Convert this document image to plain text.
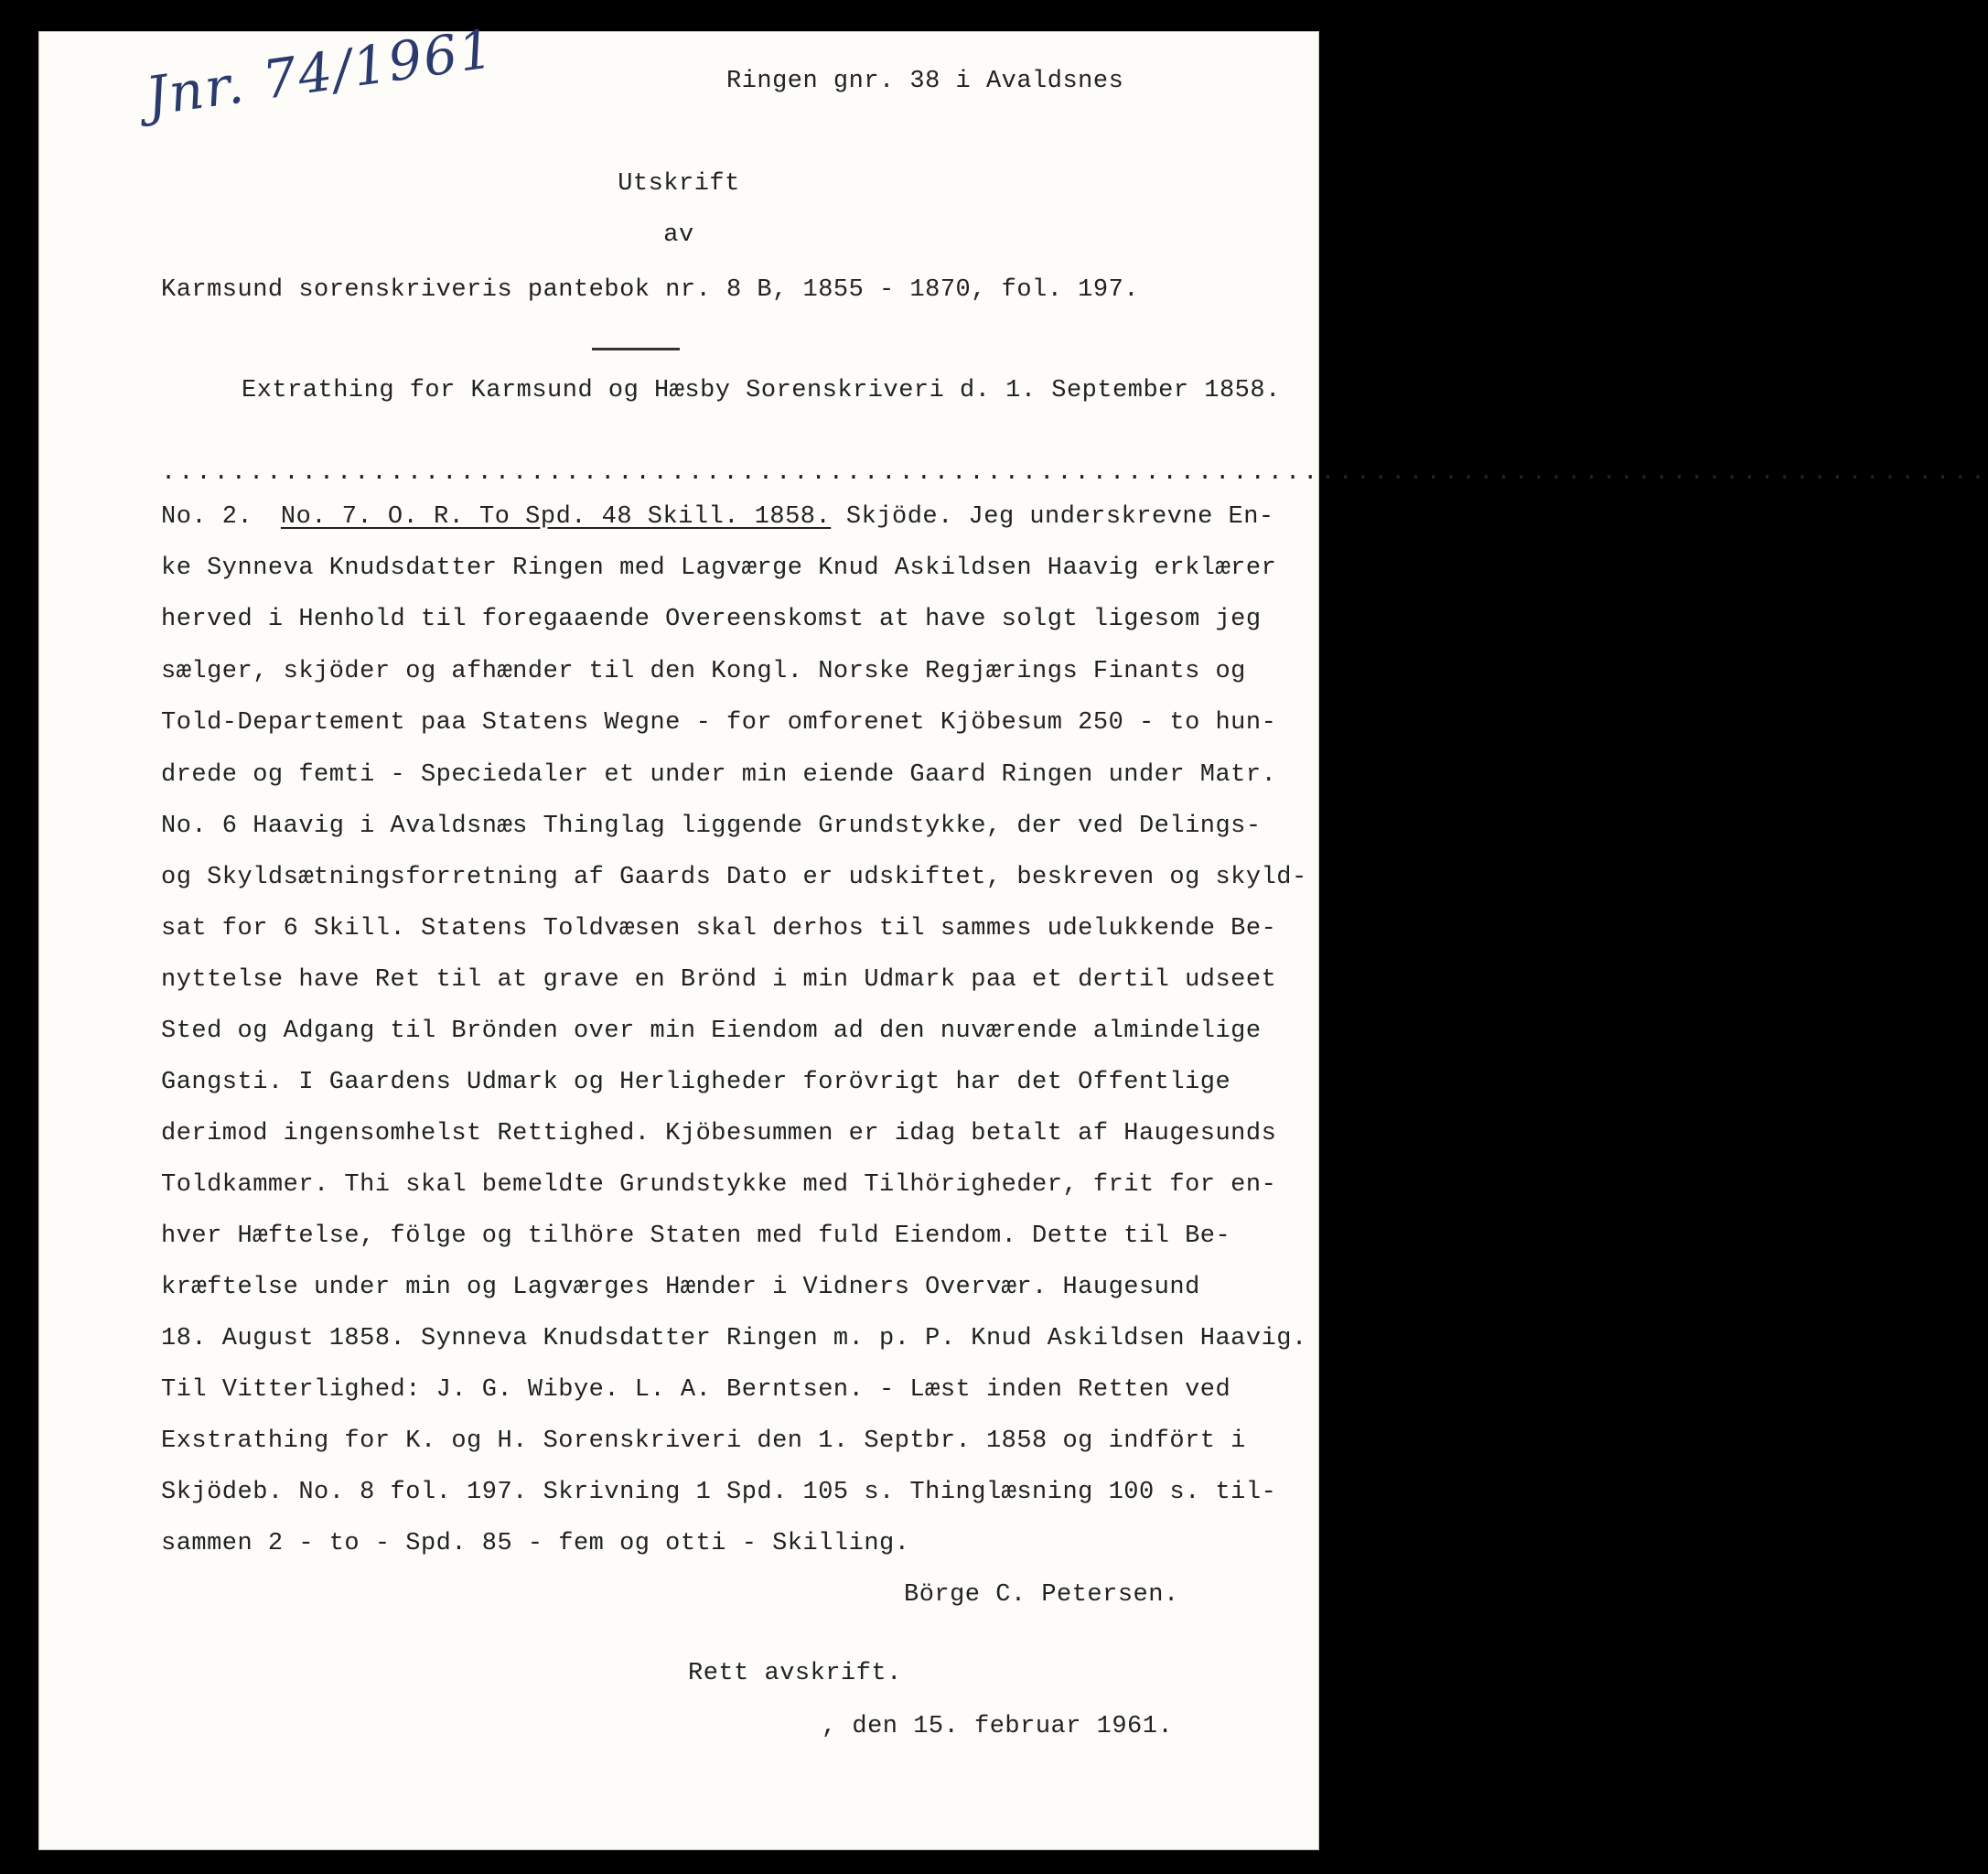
Jnr. 74/1961	Ringen gnr. 38 i Avaldsnes

Utskrift

av

Karmsund sorenskriveris pantebok nr. 8 B, 1855 - 1870, fol. 197.

Extrathing for Karmsund og Hæsby Sorenskriveri d. 1. September 1858.

........................................................................................................

No. 2. No. 7. O. R. To Spd. 48 Skill. 1858. Skjöde. Jeg underskrevne En-

ke Synneva Knudsdatter Ringen med Lagværge Knud Askildsen Haavig erklærer

herved i Henhold til foregaaende Overeenskomst at have solgt ligesom jeg

sælger, skjöder og afhænder til den Kongl. Norske Regjærings Finants og

Told-Departement paa Statens Wegne - for omforenet Kjöbesum 250 - to hun-

drede og femti - Speciedaler et under min eiende Gaard Ringen under Matr.

No. 6 Haavig i Avaldsnæs Thinglag liggende Grundstykke, der ved Delings-

og Skyldsætningsforretning af Gaards Dato er udskiftet, beskreven og skyld-

sat for 6 Skill. Statens Toldvæsen skal derhos til sammes udelukkende Be-

nyttelse have Ret til at grave en Brönd i min Udmark paa et dertil udseet

Sted og Adgang til Brönden over min Eiendom ad den nuværende almindelige

Gangsti. I Gaardens Udmark og Herligheder forövrigt har det Offentlige

derimod ingensomhelst Rettighed. Kjöbesummen er idag betalt af Haugesunds

Toldkammer. Thi skal bemeldte Grundstykke med Tilhörigheder, frit for en-

hver Hæftelse, fölge og tilhöre Staten med fuld Eiendom. Dette til Be-

kræftelse under min og Lagværges Hænder i Vidners Overvær. Haugesund

18. August 1858. Synneva Knudsdatter Ringen m. p. P. Knud Askildsen Haavig.

Til Vitterlighed: J. G. Wibye. L. A. Berntsen. - Læst inden Retten ved

Exstrathing for K. og H. Sorenskriveri den 1. Septbr. 1858 og indfört i

Skjödeb. No. 8 fol. 197. Skrivning 1 Spd. 105 s. Thinglæsning 100 s. til-

sammen 2 - to - Spd. 85 - fem og otti - Skilling.

Börge C. Petersen.

Rett avskrift.

, den 15. februar 1961.
